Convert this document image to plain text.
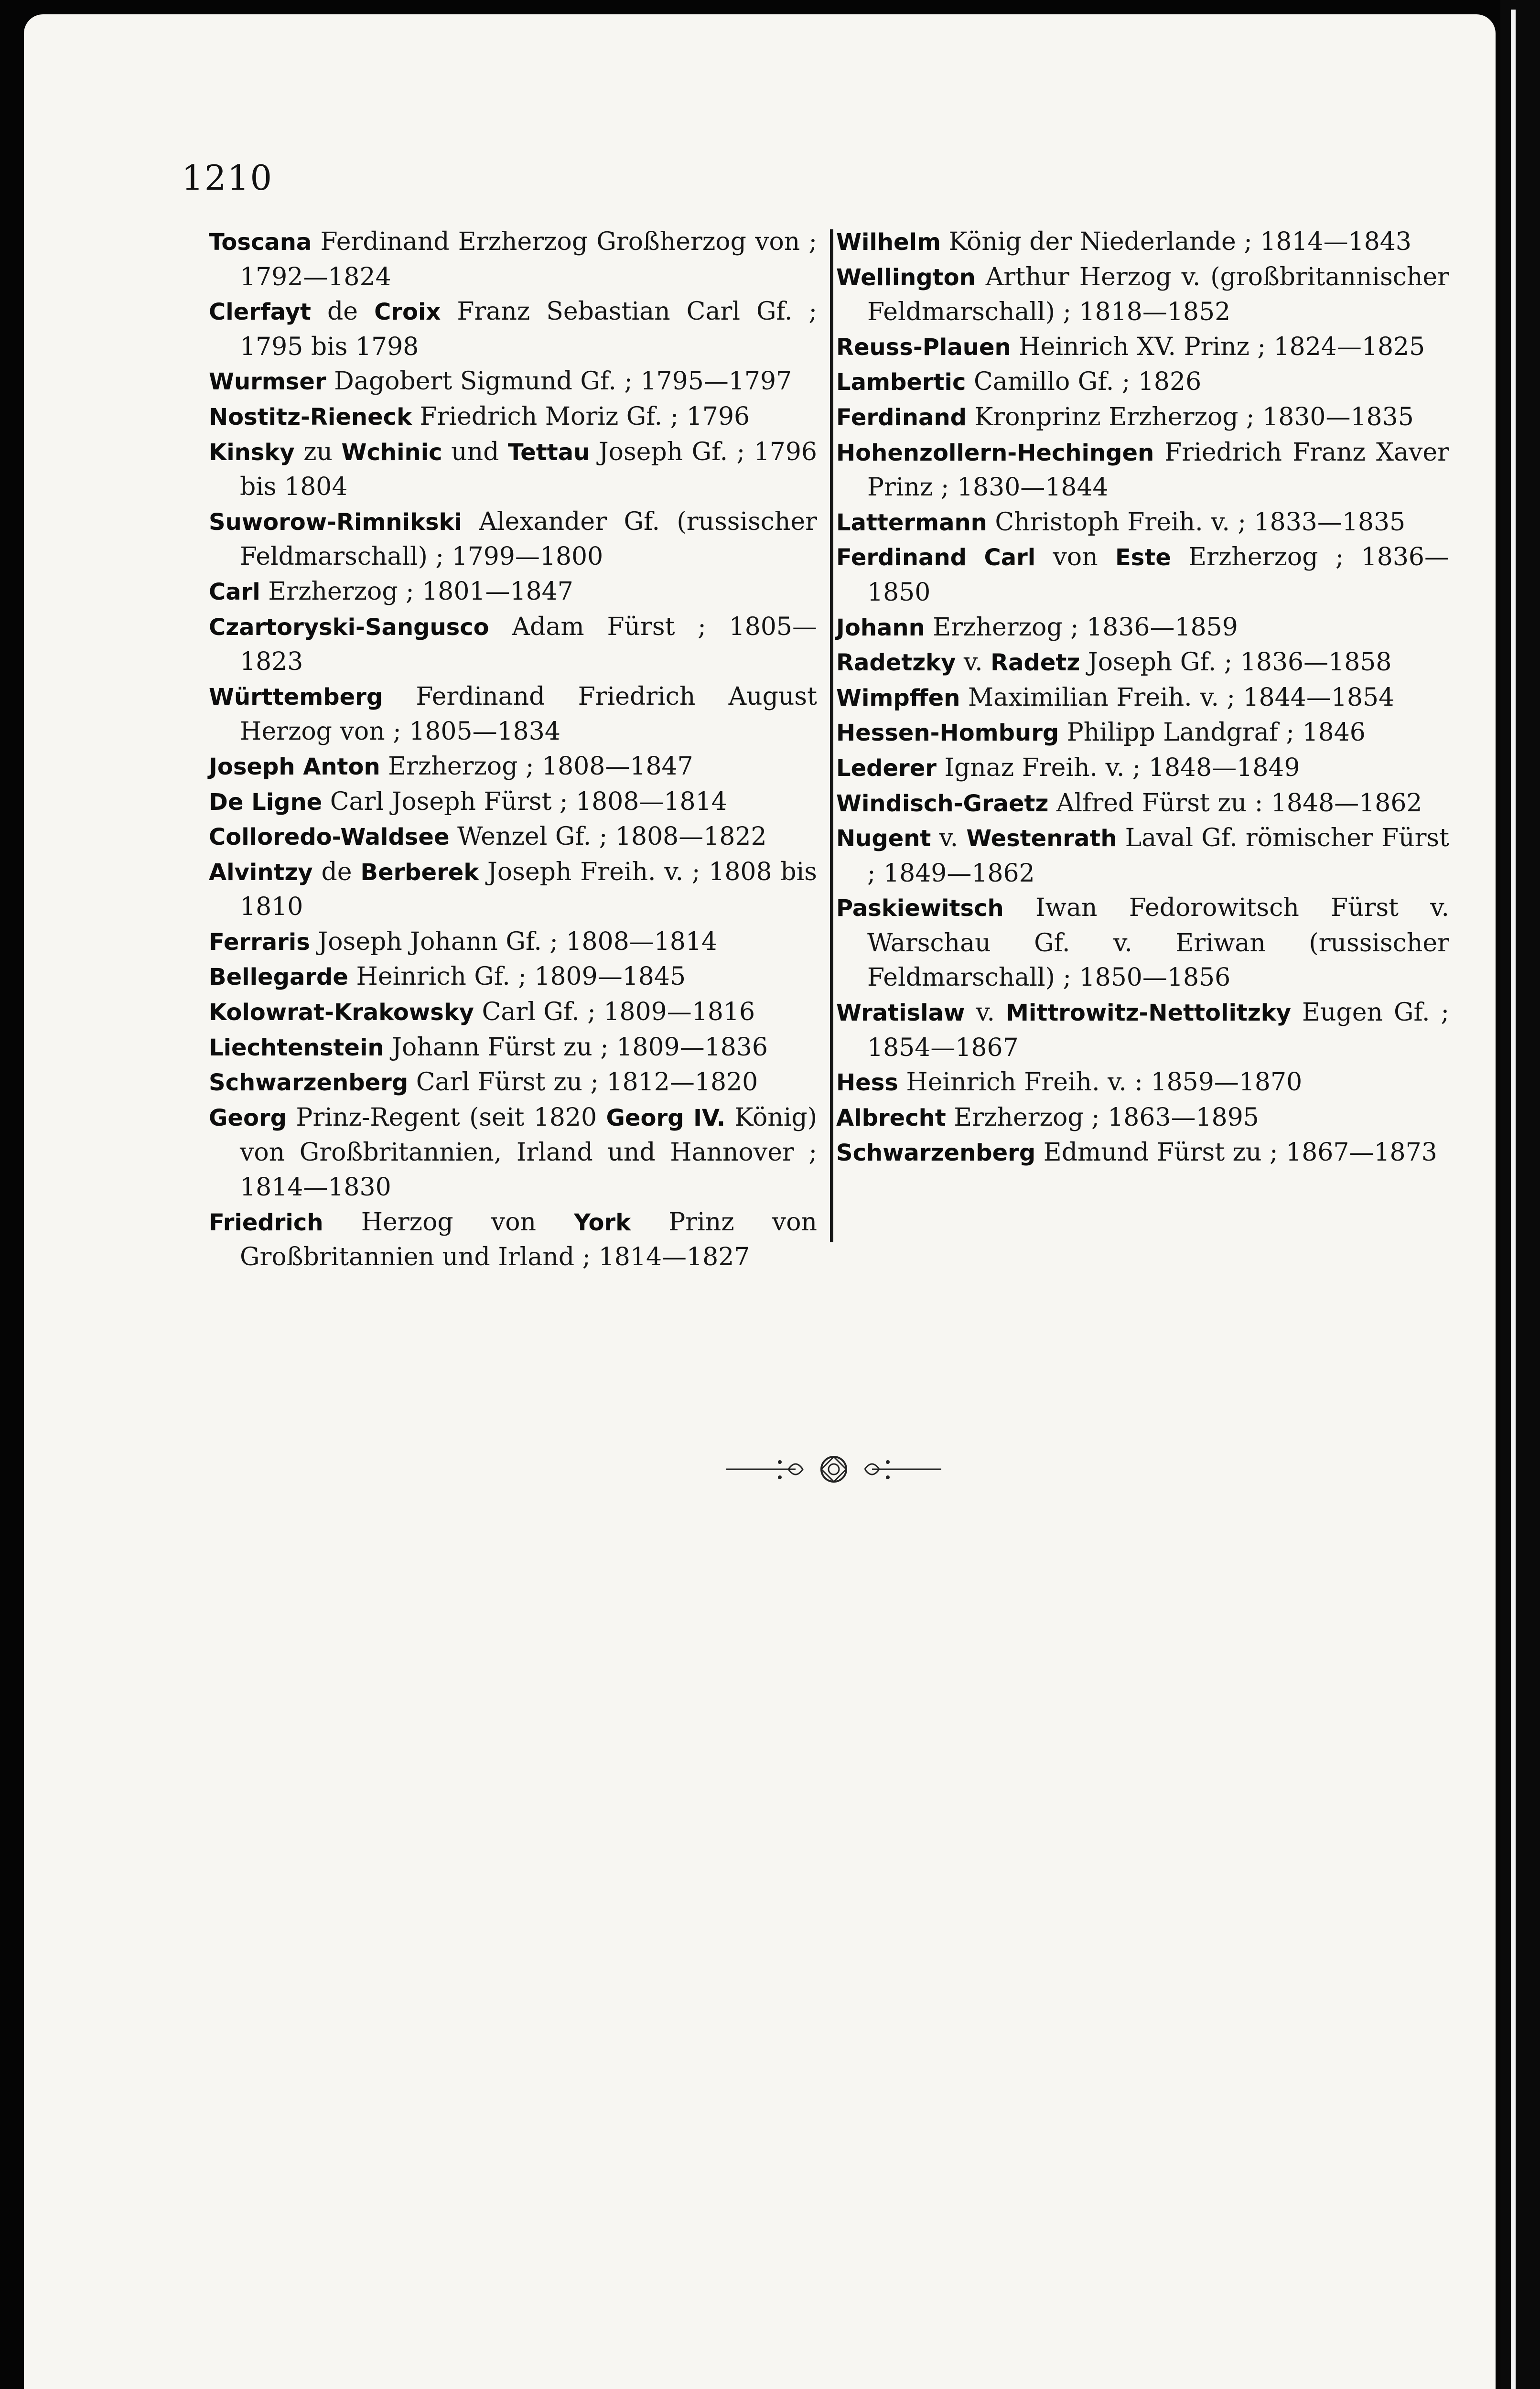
1210
Toscana Ferdinand Erzherzog Großherzog von ; 1792—1824
Clerfayt de Croix Franz Sebastian Carl Gf. ; 1795 bis 1798
Wurmser Dagobert Sigmund Gf. ; 1795—1797
Nostitz-Rieneck Friedrich Moriz Gf. ; 1796
Kinsky zu Wchinic und Tettau Joseph Gf. ; 1796 bis 1804
Suworow-Rimnikski Alexander Gf. (russischer Feldmarschall) ; 1799—1800
Carl Erzherzog ; 1801—1847
Czartoryski-Sangusco Adam Fürst ; 1805—1823
Württemberg Ferdinand Friedrich August Herzog von ; 1805—1834
Joseph Anton Erzherzog ; 1808—1847
De Ligne Carl Joseph Fürst ; 1808—1814
Colloredo-Waldsee Wenzel Gf. ; 1808—1822
Alvintzy de Berberek Joseph Freih. v. ; 1808 bis 1810
Ferraris Joseph Johann Gf. ; 1808—1814
Bellegarde Heinrich Gf. ; 1809—1845
Kolowrat-Krakowsky Carl Gf. ; 1809—1816
Liechtenstein Johann Fürst zu ; 1809—1836
Schwarzenberg Carl Fürst zu ; 1812—1820
Georg Prinz-Regent (seit 1820 Georg IV. König) von Großbritannien, Irland und Hannover ; 1814—1830
Friedrich Herzog von York Prinz von Großbritannien und Irland ; 1814—1827
Wilhelm König der Niederlande ; 1814—1843
Wellington Arthur Herzog v. (großbritannischer Feldmarschall) ; 1818—1852
Reuss-Plauen Heinrich XV. Prinz ; 1824—1825
Lambertic Camillo Gf. ; 1826
Ferdinand Kronprinz Erzherzog ; 1830—1835
Hohenzollern-Hechingen Friedrich Franz Xaver Prinz ; 1830—1844
Lattermann Christoph Freih. v. ; 1833—1835
Ferdinand Carl von Este Erzherzog ; 1836—1850
Johann Erzherzog ; 1836—1859
Radetzky v. Radetz Joseph Gf. ; 1836—1858
Wimpffen Maximilian Freih. v. ; 1844—1854
Hessen-Homburg Philipp Landgraf ; 1846
Lederer Ignaz Freih. v. ; 1848—1849
Windisch-Graetz Alfred Fürst zu : 1848—1862
Nugent v. Westenrath Laval Gf. römischer Fürst ; 1849—1862
Paskiewitsch Iwan Fedorowitsch Fürst v. Warschau Gf. v. Eriwan (russischer Feldmarschall) ; 1850—1856
Wratislaw v. Mittrowitz-Nettolitzky Eugen Gf. ; 1854—1867
Hess Heinrich Freih. v. : 1859—1870
Albrecht Erzherzog ; 1863—1895
Schwarzenberg Edmund Fürst zu ; 1867—1873
